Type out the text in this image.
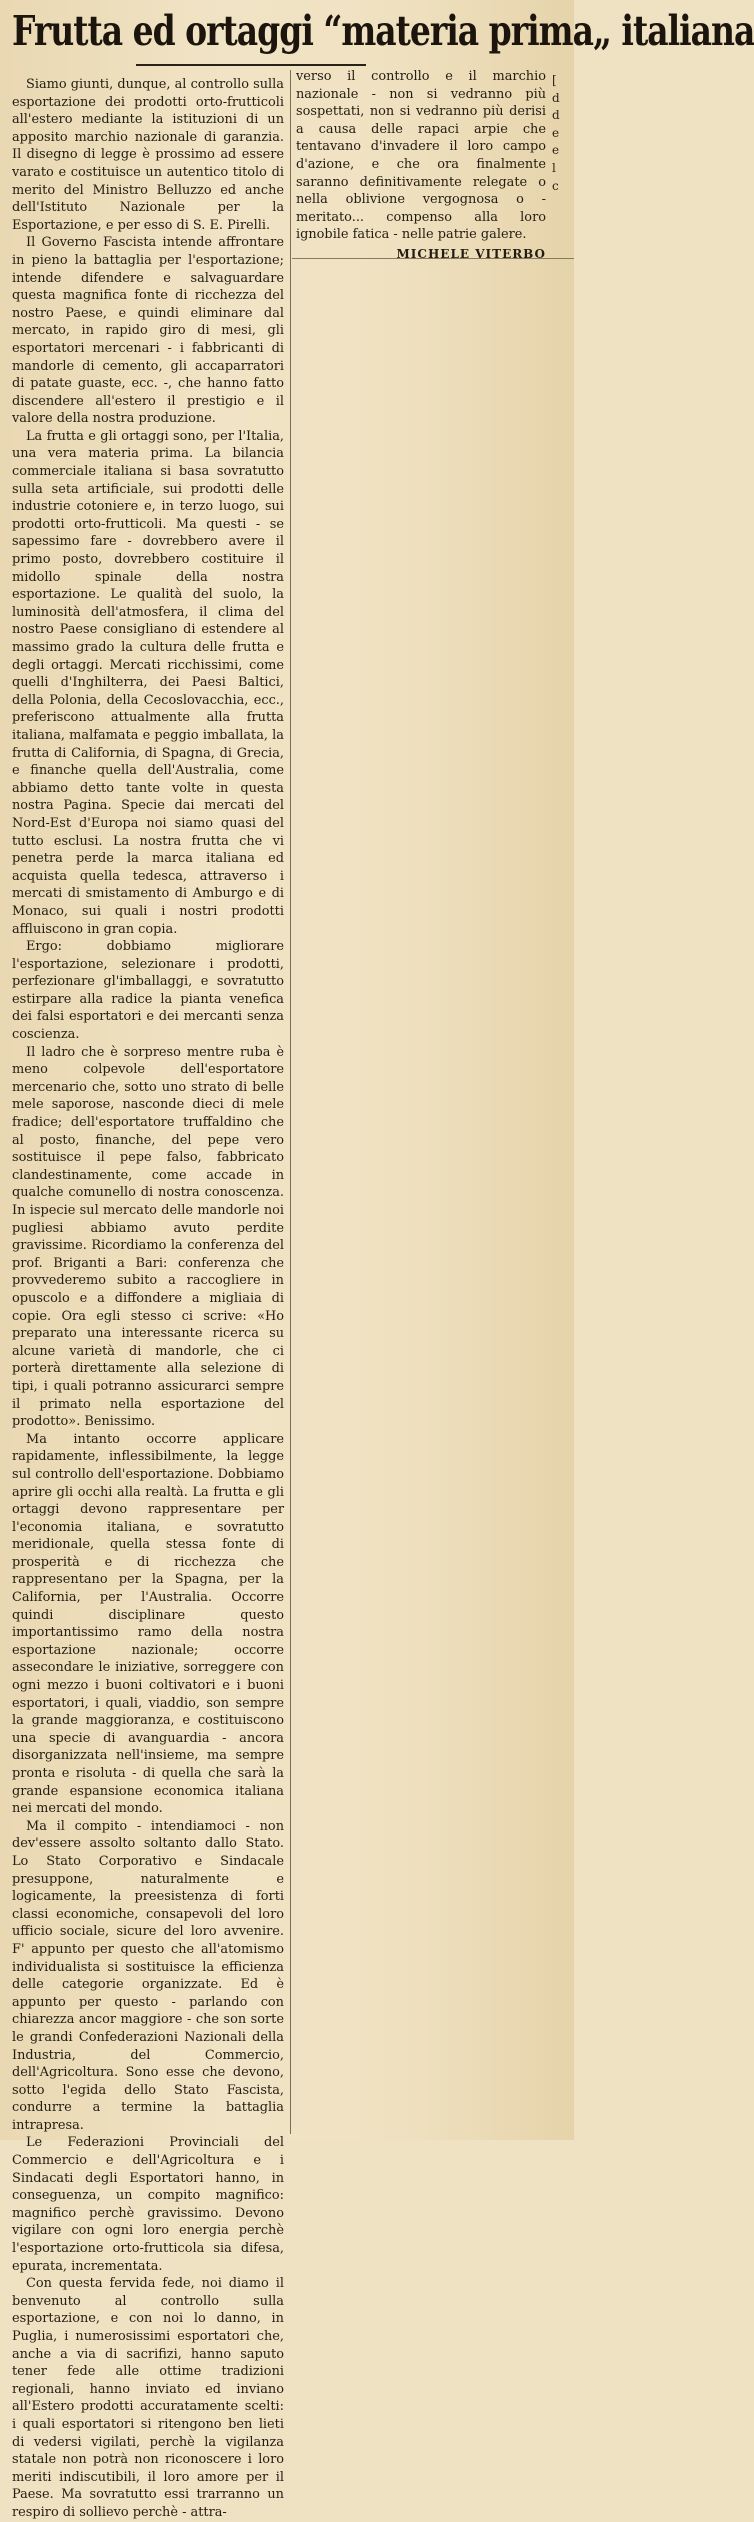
Frutta ed ortaggi “materia prima„ italiana

Siamo giunti, dunque, al controllo sulla esportazione dei prodotti orto-frutticoli all'estero mediante la istituzioni di un apposito marchio nazionale di garanzia. Il disegno di legge è prossimo ad essere varato e costituisce un autentico titolo di merito del Ministro Belluzzo ed anche dell'Istituto Nazionale per la Esportazione, e per esso di S. E. Pirelli.

Il Governo Fascista intende affrontare in pieno la battaglia per l'esportazione; intende difendere e salvaguardare questa magnifica fonte di ricchezza del nostro Paese, e quindi eliminare dal mercato, in rapido giro di mesi, gli esportatori mercenari - i fabbricanti di mandorle di cemento, gli accaparratori di patate guaste, ecc. -, che hanno fatto discendere all'estero il prestigio e il valore della nostra produzione.

La frutta e gli ortaggi sono, per l'Italia, una vera materia prima. La bilancia commerciale italiana si basa sovratutto sulla seta artificiale, sui prodotti delle industrie cotoniere e, in terzo luogo, sui prodotti orto-frutticoli. Ma questi - se sapessimo fare - dovrebbero avere il primo posto, dovrebbero costituire il midollo spinale della nostra esportazione. Le qualità del suolo, la luminosità dell'atmosfera, il clima del nostro Paese consigliano di estendere al massimo grado la cultura delle frutta e degli ortaggi. Mercati ricchissimi, come quelli d'Inghilterra, dei Paesi Baltici, della Polonia, della Cecoslovacchia, ecc., preferiscono attualmente alla frutta italiana, malfamata e peggio imballata, la frutta di California, di Spagna, di Grecia, e finanche quella dell'Australia, come abbiamo detto tante volte in questa nostra Pagina. Specie dai mercati del Nord-Est d'Europa noi siamo quasi del tutto esclusi. La nostra frutta che vi penetra perde la marca italiana ed acquista quella tedesca, attraverso i mercati di smistamento di Amburgo e di Monaco, sui quali i nostri prodotti affluiscono in gran copia.

Ergo: dobbiamo migliorare l'esportazione, selezionare i prodotti, perfezionare gl'imballaggi, e sovratutto estirpare alla radice la pianta venefica dei falsi esportatori e dei mercanti senza coscienza.

Il ladro che è sorpreso mentre ruba è meno colpevole dell'esportatore mercenario che, sotto uno strato di belle mele saporose, nasconde dieci di mele fradice; dell'esportatore truffaldino che al posto, finanche, del pepe vero sostituisce il pepe falso, fabbricato clandestinamente, come accade in qualche comunello di nostra conoscenza. In ispecie sul mercato delle mandorle noi pugliesi abbiamo avuto perdite gravissime. Ricordiamo la conferenza del prof. Briganti a Bari: conferenza che provvederemo subito a raccogliere in opuscolo e a diffondere a migliaia di copie. Ora egli stesso ci scrive: «Ho preparato una interessante ricerca su alcune varietà di mandorle, che ci porterà direttamente alla selezione di tipi, i quali potranno assicurarci sempre il primato nella esportazione del prodotto». Benissimo.

Ma intanto occorre applicare rapidamente, inflessibilmente, la legge sul controllo dell'esportazione. Dobbiamo aprire gli occhi alla realtà. La frutta e gli ortaggi devono rappresentare per l'economia italiana, e sovratutto meridionale, quella stessa fonte di prosperità e di ricchezza che rappresentano per la Spagna, per la California, per l'Australia. Occorre quindi disciplinare questo importantissimo ramo della nostra esportazione nazionale; occorre assecondare le iniziative, sorreggere con ogni mezzo i buoni coltivatori e i buoni esportatori, i quali, viaddio, son sempre la grande maggioranza, e costituiscono una specie di avanguardia - ancora disorganizzata nell'insieme, ma sempre pronta e risoluta - di quella che sarà la grande espansione economica italiana nei mercati del mondo.

Ma il compito - intendiamoci - non dev'essere assolto soltanto dallo Stato. Lo Stato Corporativo e Sindacale presuppone, naturalmente e logicamente, la preesistenza di forti classi economiche, consapevoli del loro ufficio sociale, sicure del loro avvenire. F' appunto per questo che all'atomismo individualista si sostituisce la efficienza delle categorie organizzate. Ed è appunto per questo - parlando con chiarezza ancor maggiore - che son sorte le grandi Confederazioni Nazionali della Industria, del Commercio, dell'Agricoltura. Sono esse che devono, sotto l'egida dello Stato Fascista, condurre a termine la battaglia intrapresa.

Le Federazioni Provinciali del Commercio e dell'Agricoltura e i Sindacati degli Esportatori hanno, in conseguenza, un compito magnifico: magnifico perchè gravissimo. Devono vigilare con ogni loro energia perchè l'esportazione orto-frutticola sia difesa, epurata, incrementata.

Con questa fervida fede, noi diamo il benvenuto al controllo sulla esportazione, e con noi lo danno, in Puglia, i numerosissimi esportatori che, anche a via di sacrifizi, hanno saputo tener fede alle ottime tradizioni regionali, hanno inviato ed inviano all'Estero prodotti accuratamente scelti: i quali esportatori si ritengono ben lieti di vedersi vigilati, perchè la vigilanza statale non potrà non riconoscere i loro meriti indiscutibili, il loro amore per il Paese. Ma sovratutto essi trarranno un respiro di sollievo perchè - attra-

verso il controllo e il marchio nazionale - non si vedranno più sospettati, non si vedranno più derisi a causa delle rapaci arpie che tentavano d'invadere il loro campo d'azione, e che ora finalmente saranno definitivamente relegate o nella oblivione vergognosa o - meritato... compenso alla loro ignobile fatica - nelle patrie galere.

MICHELE VITERBO
[
d
d
e
e
l
c
